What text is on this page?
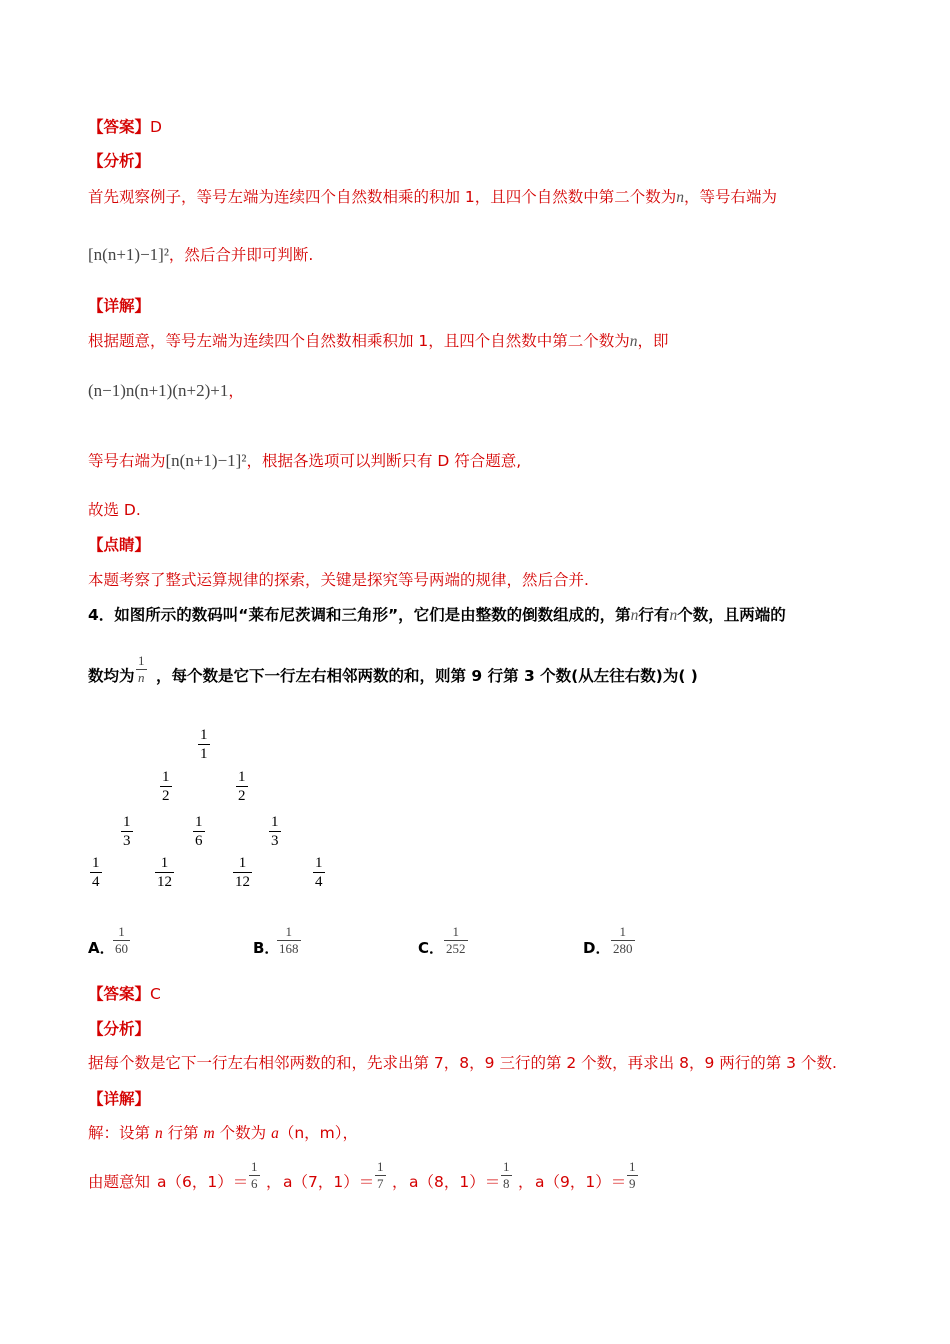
【答案】D
【分析】
首先观察例子，等号左端为连续四个自然数相乘的积加 1，且四个自然数中第二个数为n，等号右端为
[n(n+1)−1]²，然后合并即可判断.
【详解】
根据题意，等号左端为连续四个自然数相乘积加 1，且四个自然数中第二个数为n，即
(n−1)n(n+1)(n+2)+1，
等号右端为[n(n+1)−1]²，根据各选项可以判断只有 D 符合题意,
故选 D.
【点睛】
本题考察了整式运算规律的探索，关键是探究等号两端的规律，然后合并.
4．如图所示的数码叫“莱布尼茨调和三角形”，它们是由整数的倒数组成的，第n行有n个数，且两端的
数均为
1
n ，每个数是它下一行左右相邻两数的和，则第 9 行第 3 个数(从左往右数)为( )
1
1
1
2
1
2
1
3
1
6
1
3
1
4
1
12
1
12
1
4
A．
1
60	B．
1
168	C．
1
252	D．
1
280
【答案】C
【分析】
据每个数是它下一行左右相邻两数的和，先求出第 7，8，9 三行的第 2 个数，再求出 8，9 两行的第 3 个数.
【详解】
解：设第 n 行第 m 个数为 a（n，m），
由题意知 a（6，1）＝
1
6 ， a（7，1）＝
1
7 ， a（8，1）＝
1
8 ， a（9，1）＝
1
9
